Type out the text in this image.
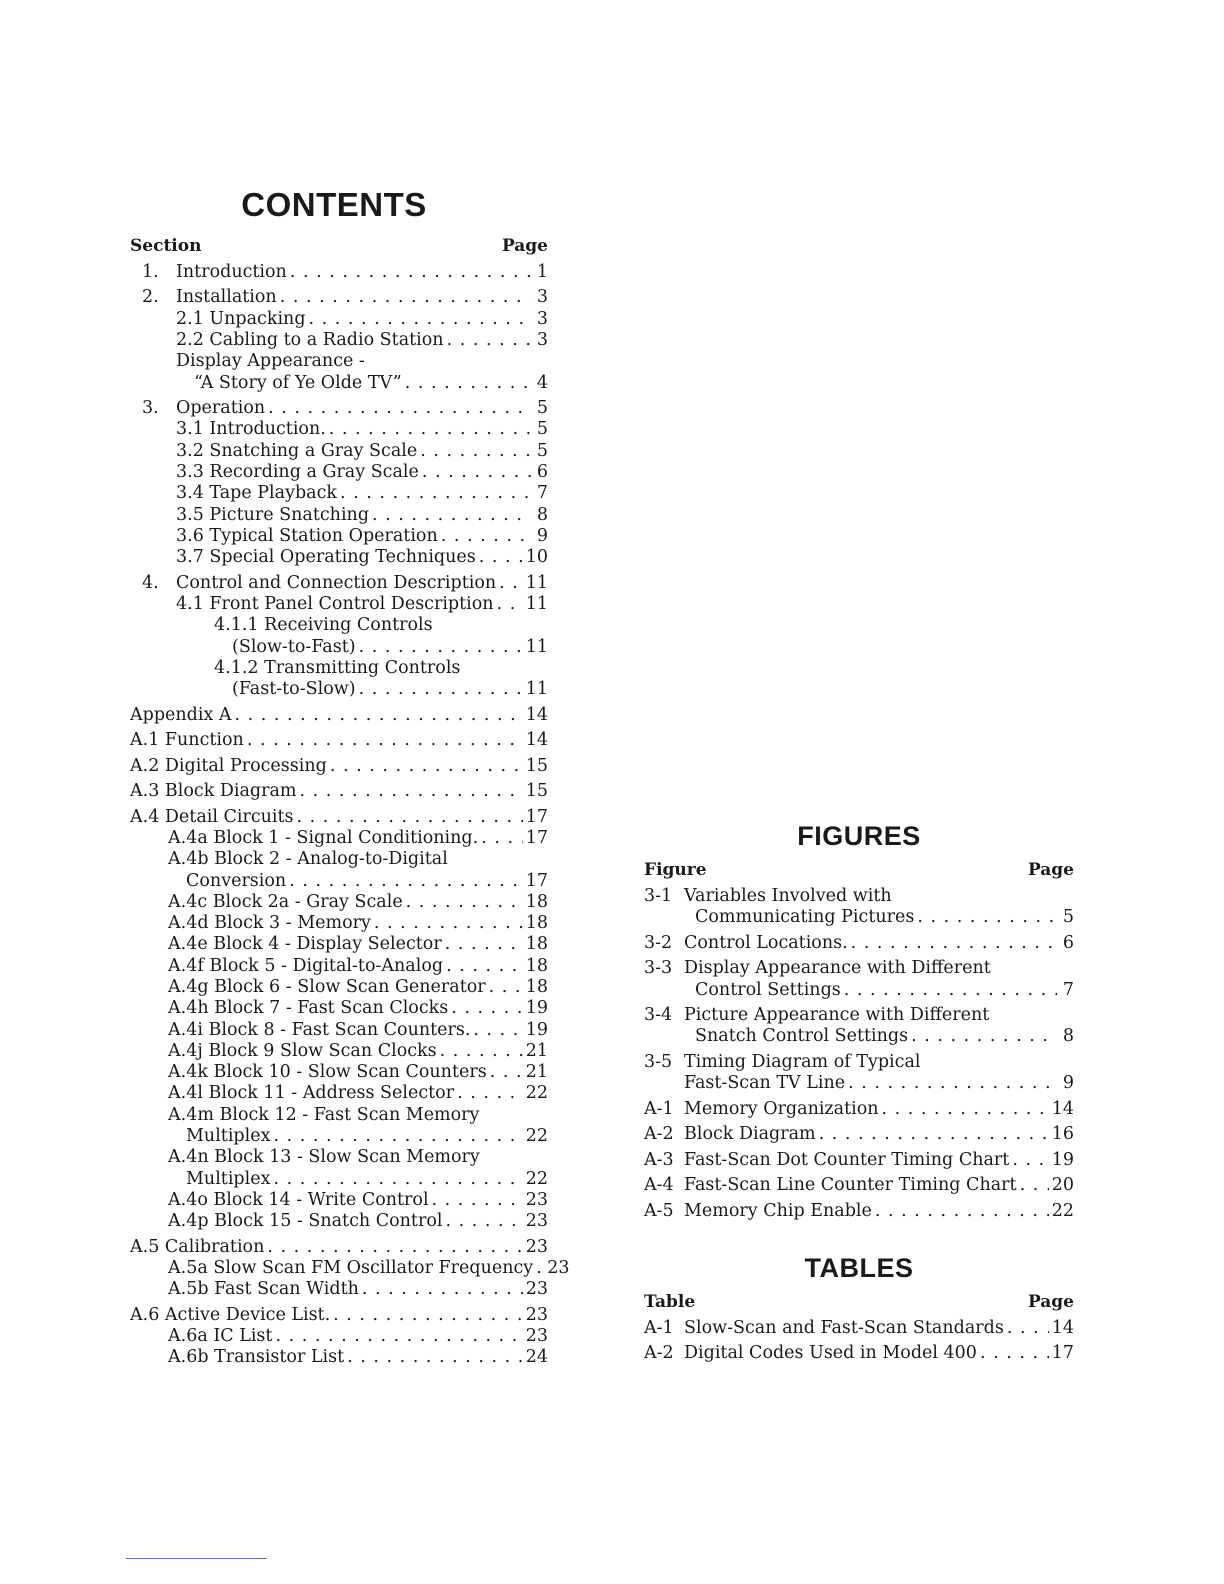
CONTENTS
Section	Page
1. Introduction . . .	1
2. Installation . . .	3
2.1 Unpacking . . .	3
2.2 Cabling to a Radio Station . . .	3
Display Appearance -
“A Story of Ye Olde TV” . . .	4
3. Operation . . .	5
3.1 Introduction. . . .	5
3.2 Snatching a Gray Scale . . .	5
3.3 Recording a Gray Scale . . .	6
3.4 Tape Playback . . .	7
3.5 Picture Snatching . . .	8
3.6 Typical Station Operation . . .	9
3.7 Special Operating Techniques . . .	10
4. Control and Connection Description . . . 11
4.1 Front Panel Control Description . . . 11
4.1.1 Receiving Controls
(Slow-to-Fast) . . .	11
4.1.2 Transmitting Controls
(Fast-to-Slow) . . .	11
Appendix A . . .	14
A.1 Function . . .	14
A.2 Digital Processing . . .	15
A.3 Block Diagram . . .	15
A.4 Detail Circuits . . .	17
A.4a Block 1 - Signal Conditioning. . . .	17
A.4b Block 2 - Analog-to-Digital
Conversion . . .	17
A.4c Block 2a - Gray Scale . . .	18
A.4d Block 3 - Memory . . .	18
A.4e Block 4 - Display Selector . . .	18
A.4f Block 5 - Digital-to-Analog . . .	18
A.4g Block 6 - Slow Scan Generator . . . 18
A.4h Block 7 - Fast Scan Clocks . . .	19
A.4i Block 8 - Fast Scan Counters. . . .	19
A.4j Block 9 Slow Scan Clocks . . .	21
A.4k Block 10 - Slow Scan Counters . . . 21
A.4l Block 11 - Address Selector . . .	22
A.4m Block 12 - Fast Scan Memory
Multiplex . . .	22
A.4n Block 13 - Slow Scan Memory
Multiplex . . .	22
A.4o Block 14 - Write Control . . .	23
A.4p Block 15 - Snatch Control . . .	23
A.5 Calibration . . .	23
A.5a Slow Scan FM Oscillator Frequency . . . 23
A.5b Fast Scan Width . . .	23
A.6 Active Device List. . . .	23
A.6a IC List . . .	23
A.6b Transistor List . . .	24
FIGURES
Figure	Page
3-1 Variables Involved with
Communicating Pictures . . .	5
3-2 Control Locations. . . .	6
3-3 Display Appearance with Different
Control Settings . . .	7
3-4 Picture Appearance with Different
Snatch Control Settings . . .	8
3-5 Timing Diagram of Typical
Fast-Scan TV Line . . .	9
A-1 Memory Organization . . .	14
A-2 Block Diagram . . .	16
A-3 Fast-Scan Dot Counter Timing Chart . . . 19
A-4 Fast-Scan Line Counter Timing Chart . . . 20
A-5 Memory Chip Enable . . .	22
TABLES
Table	Page
A-1 Slow-Scan and Fast-Scan Standards . . .	14
A-2 Digital Codes Used in Model 400 . . .	17
